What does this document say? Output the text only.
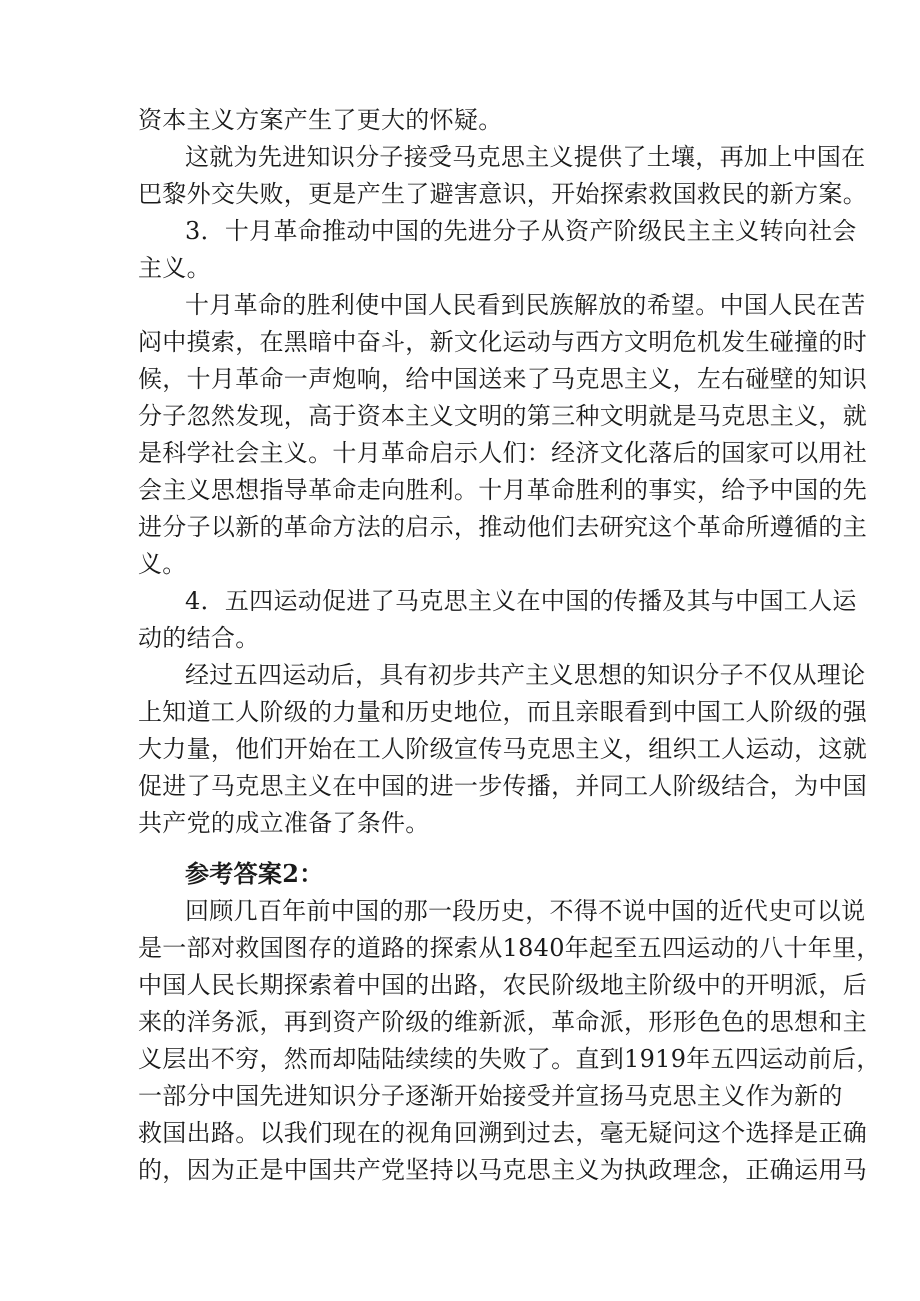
资本主义方案产生了更大的怀疑。
这就为先进知识分子接受马克思主义提供了土壤，再加上中国在
巴黎外交失败，更是产生了避害意识，开始探索救国救民的新方案。
3．十月革命推动中国的先进分子从资产阶级民主主义转向社会
主义。
十月革命的胜利使中国人民看到民族解放的希望。中国人民在苦
闷中摸索，在黑暗中奋斗，新文化运动与西方文明危机发生碰撞的时
候，十月革命一声炮响，给中国送来了马克思主义，左右碰壁的知识
分子忽然发现，高于资本主义文明的第三种文明就是马克思主义，就
是科学社会主义。十月革命启示人们：经济文化落后的国家可以用社
会主义思想指导革命走向胜利。十月革命胜利的事实，给予中国的先
进分子以新的革命方法的启示，推动他们去研究这个革命所遵循的主
义。
4．五四运动促进了马克思主义在中国的传播及其与中国工人运
动的结合。
经过五四运动后，具有初步共产主义思想的知识分子不仅从理论
上知道工人阶级的力量和历史地位，而且亲眼看到中国工人阶级的强
大力量，他们开始在工人阶级宣传马克思主义，组织工人运动，这就
促进了马克思主义在中国的进一步传播，并同工人阶级结合，为中国
共产党的成立准备了条件。
参考答案2：
回顾几百年前中国的那一段历史，不得不说中国的近代史可以说
是一部对救国图存的道路的探索从1840年起至五四运动的八十年里，
中国人民长期探索着中国的出路，农民阶级地主阶级中的开明派，后
来的洋务派，再到资产阶级的维新派，革命派，形形色色的思想和主
义层出不穷，然而却陆陆续续的失败了。直到1919年五四运动前后，
一部分中国先进知识分子逐渐开始接受并宣扬马克思主义作为新的
救国出路。以我们现在的视角回溯到过去，毫无疑问这个选择是正确
的，因为正是中国共产党坚持以马克思主义为执政理念，正确运用马
